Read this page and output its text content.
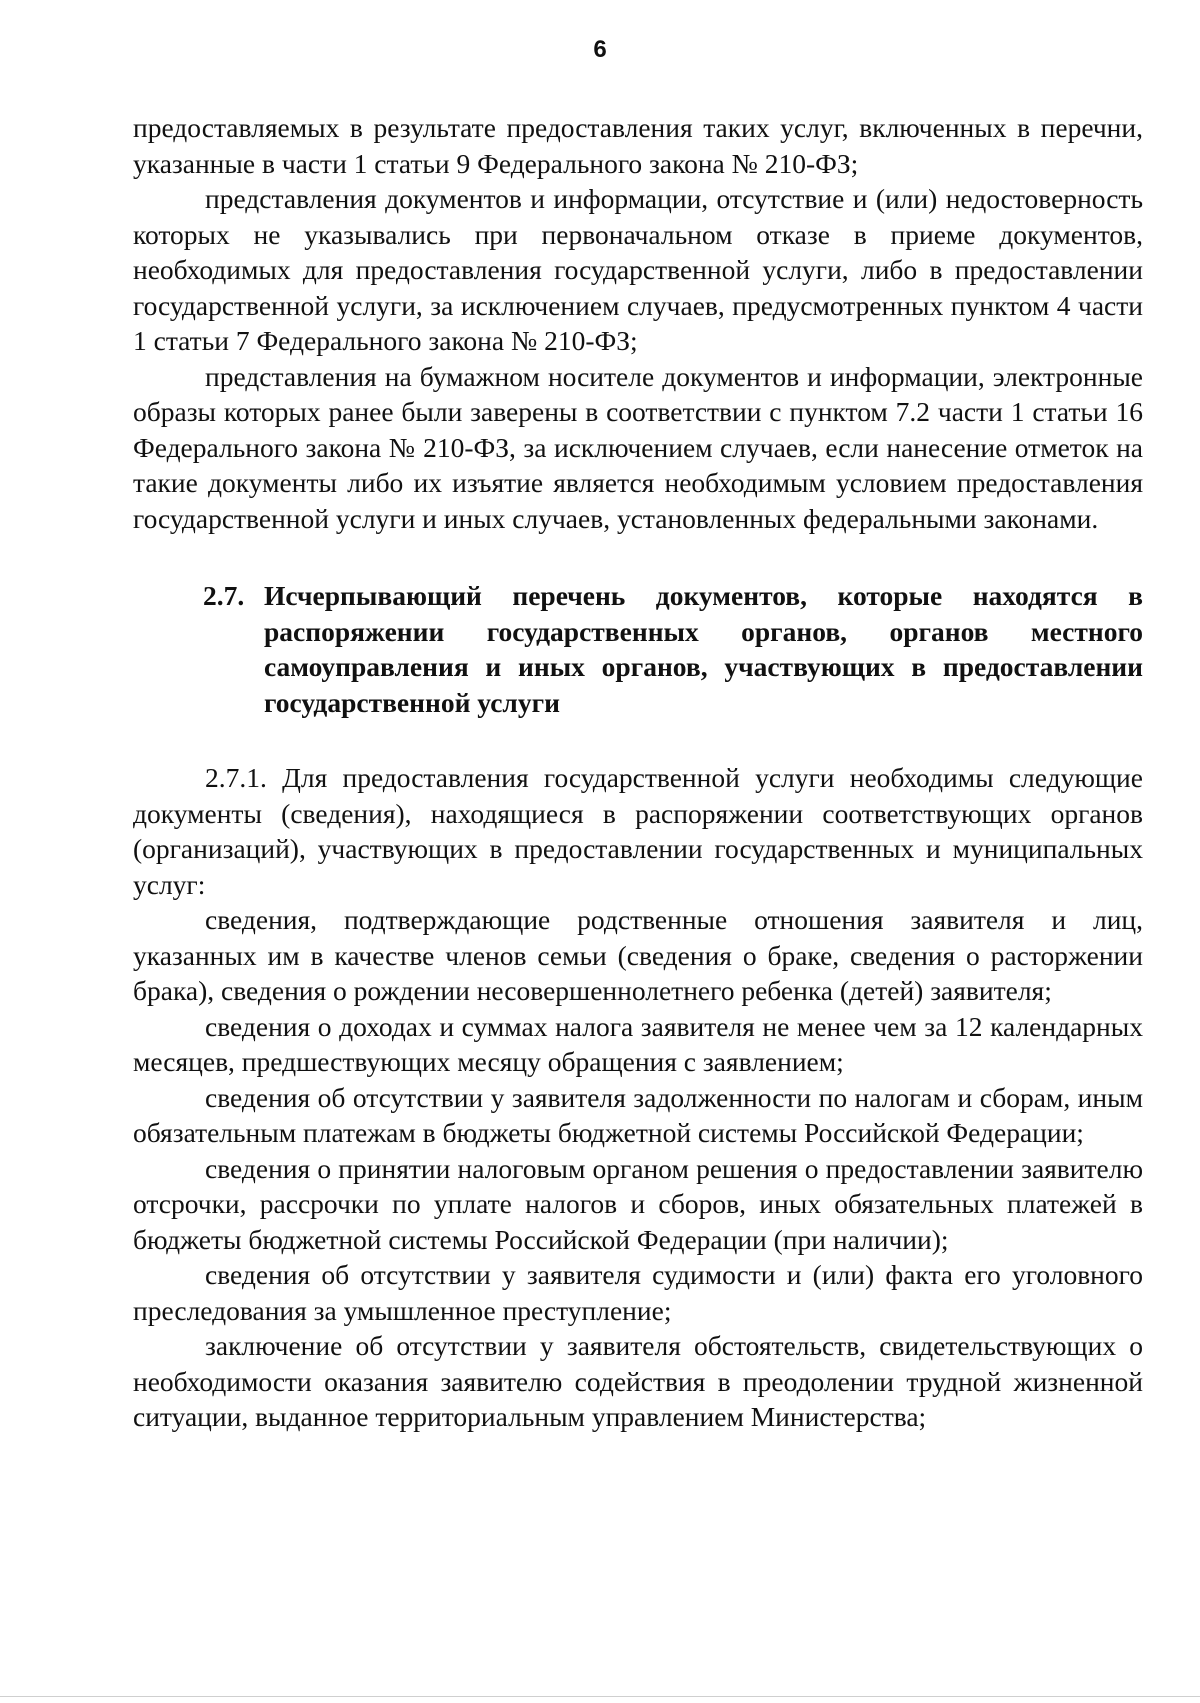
6

предоставляемых в результате предоставления таких услуг, включенных в перечни, указанные в части 1 статьи 9 Федерального закона № 210-ФЗ;

представления документов и информации, отсутствие и (или) недостоверность которых не указывались при первоначальном отказе в приеме документов, необходимых для предоставления государственной услуги, либо в предоставлении государственной услуги, за исключением случаев, предусмотренных пунктом 4 части 1 статьи 7 Федерального закона № 210-ФЗ;

представления на бумажном носителе документов и информации, электронные образы которых ранее были заверены в соответствии с пунктом 7.2 части 1 статьи 16 Федерального закона № 210-ФЗ, за исключением случаев, если нанесение отметок на такие документы либо их изъятие является необходимым условием предоставления государственной услуги и иных случаев, установленных федеральными законами.

2.7. Исчерпывающий перечень документов, которые находятся в распоряжении государственных органов, органов местного самоуправления и иных органов, участвующих в предоставлении государственной услуги

2.7.1. Для предоставления государственной услуги необходимы следующие документы (сведения), находящиеся в распоряжении соответствующих органов (организаций), участвующих в предоставлении государственных и муниципальных услуг:

сведения, подтверждающие родственные отношения заявителя и лиц, указанных им в качестве членов семьи (сведения о браке, сведения о расторжении брака), сведения о рождении несовершеннолетнего ребенка (детей) заявителя;

сведения о доходах и суммах налога заявителя не менее чем за 12 календарных месяцев, предшествующих месяцу обращения с заявлением;

сведения об отсутствии у заявителя задолженности по налогам и сборам, иным обязательным платежам в бюджеты бюджетной системы Российской Федерации;

сведения о принятии налоговым органом решения о предоставлении заявителю отсрочки, рассрочки по уплате налогов и сборов, иных обязательных платежей в бюджеты бюджетной системы Российской Федерации (при наличии);

сведения об отсутствии у заявителя судимости и (или) факта его уголовного преследования за умышленное преступление;

заключение об отсутствии у заявителя обстоятельств, свидетельствующих о необходимости оказания заявителю содействия в преодолении трудной жизненной ситуации, выданное территориальным управлением Министерства;
